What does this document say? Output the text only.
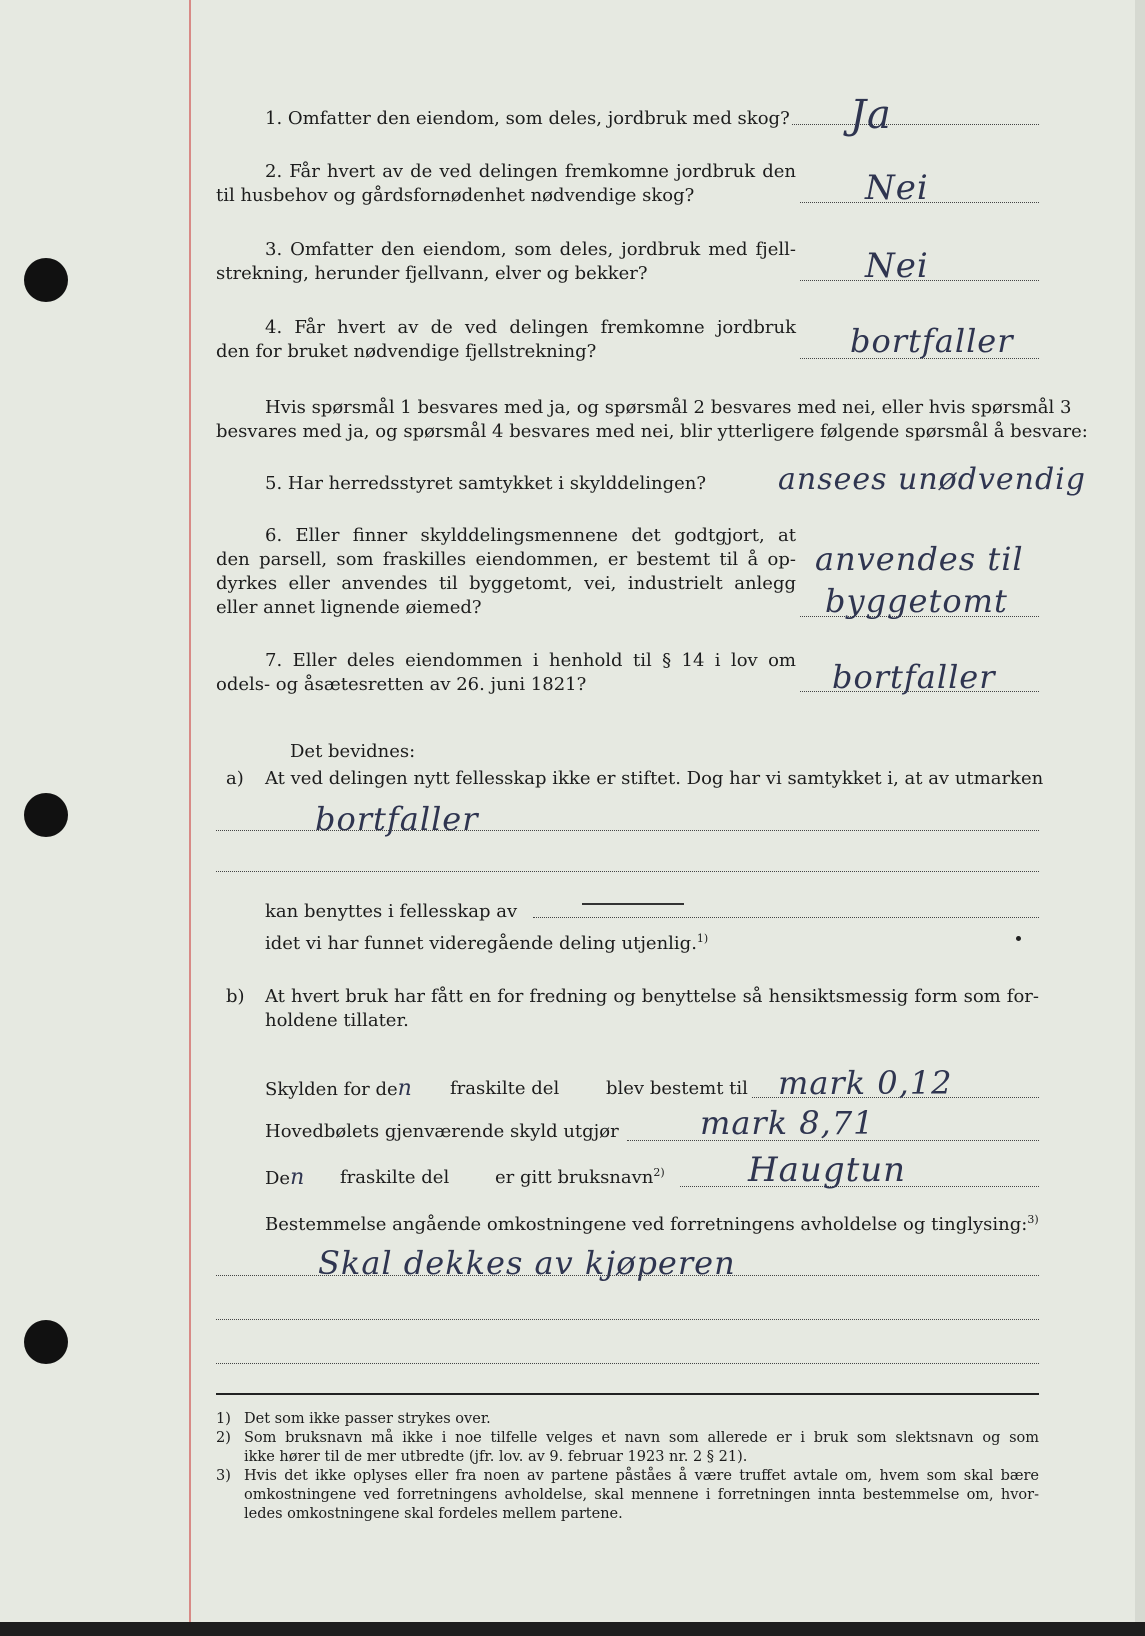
1. Omfatter den eiendom, som deles, jordbruk med skog? Ja
2. Får hvert av de ved delingen fremkomne jordbruk den
til husbehov og gårdsfornødenhet nødvendige skog?	Nei
3. Omfatter den eiendom, som deles, jordbruk med fjell-
strekning, herunder fjellvann, elver og bekker?	Nei
4. Får hvert av de ved delingen fremkomne jordbruk
den for bruket nødvendige fjellstrekning?	bortfaller
Hvis spørsmål 1 besvares med ja, og spørsmål 2 besvares med nei, eller hvis spørsmål 3
besvares med ja, og spørsmål 4 besvares med nei, blir ytterligere følgende spørsmål å besvare:
5. Har herredsstyret samtykket i skylddelingen? ansees unødvendig
6. Eller finner skylddelingsmennene det godtgjort, at
den parsell, som fraskilles eiendommen, er bestemt til å op-
dyrkes eller anvendes til byggetomt, vei, industrielt anlegg
eller annet lignende øiemed?
anvendes til
byggetomt
7. Eller deles eiendommen i henhold til § 14 i lov om
odels- og åsætesretten av 26. juni 1821?	bortfaller
Det bevidnes:
a) At ved delingen nytt fellesskap ikke er stiftet. Dog har vi samtykket i, at av utmarken
bortfaller
kan benyttes i fellesskap av
idet vi har funnet videregående deling utjenlig.$^{1)}$
b) At hvert bruk har fått en for fredning og benyttelse så hensiktsmessig form som for-
holdene tillater.
Skylden for den fraskilte del	blev bestemt til mark 0,12
Hovedbølets gjenværende skyld utgjør	mark 8,71
Den fraskilte del	er gitt bruksnavn$^{2)}$ Haugtun
Bestemmelse angående omkostningene ved forretningens avholdelse og tinglysing:$^{3)}$
Skal dekkes av kjøperen
1) Det som ikke passer strykes over.
2) Som bruksnavn må ikke i noe tilfelle velges et navn som allerede er i bruk som slektsnavn og som
ikke hører til de mer utbredte (jfr. lov. av 9. februar 1923 nr. 2 § 21).
3) Hvis det ikke oplyses eller fra noen av partene påståes å være truffet avtale om, hvem som skal bære
omkostningene ved forretningens avholdelse, skal mennene i forretningen innta bestemmelse om, hvor-
ledes omkostningene skal fordeles mellem partene.
